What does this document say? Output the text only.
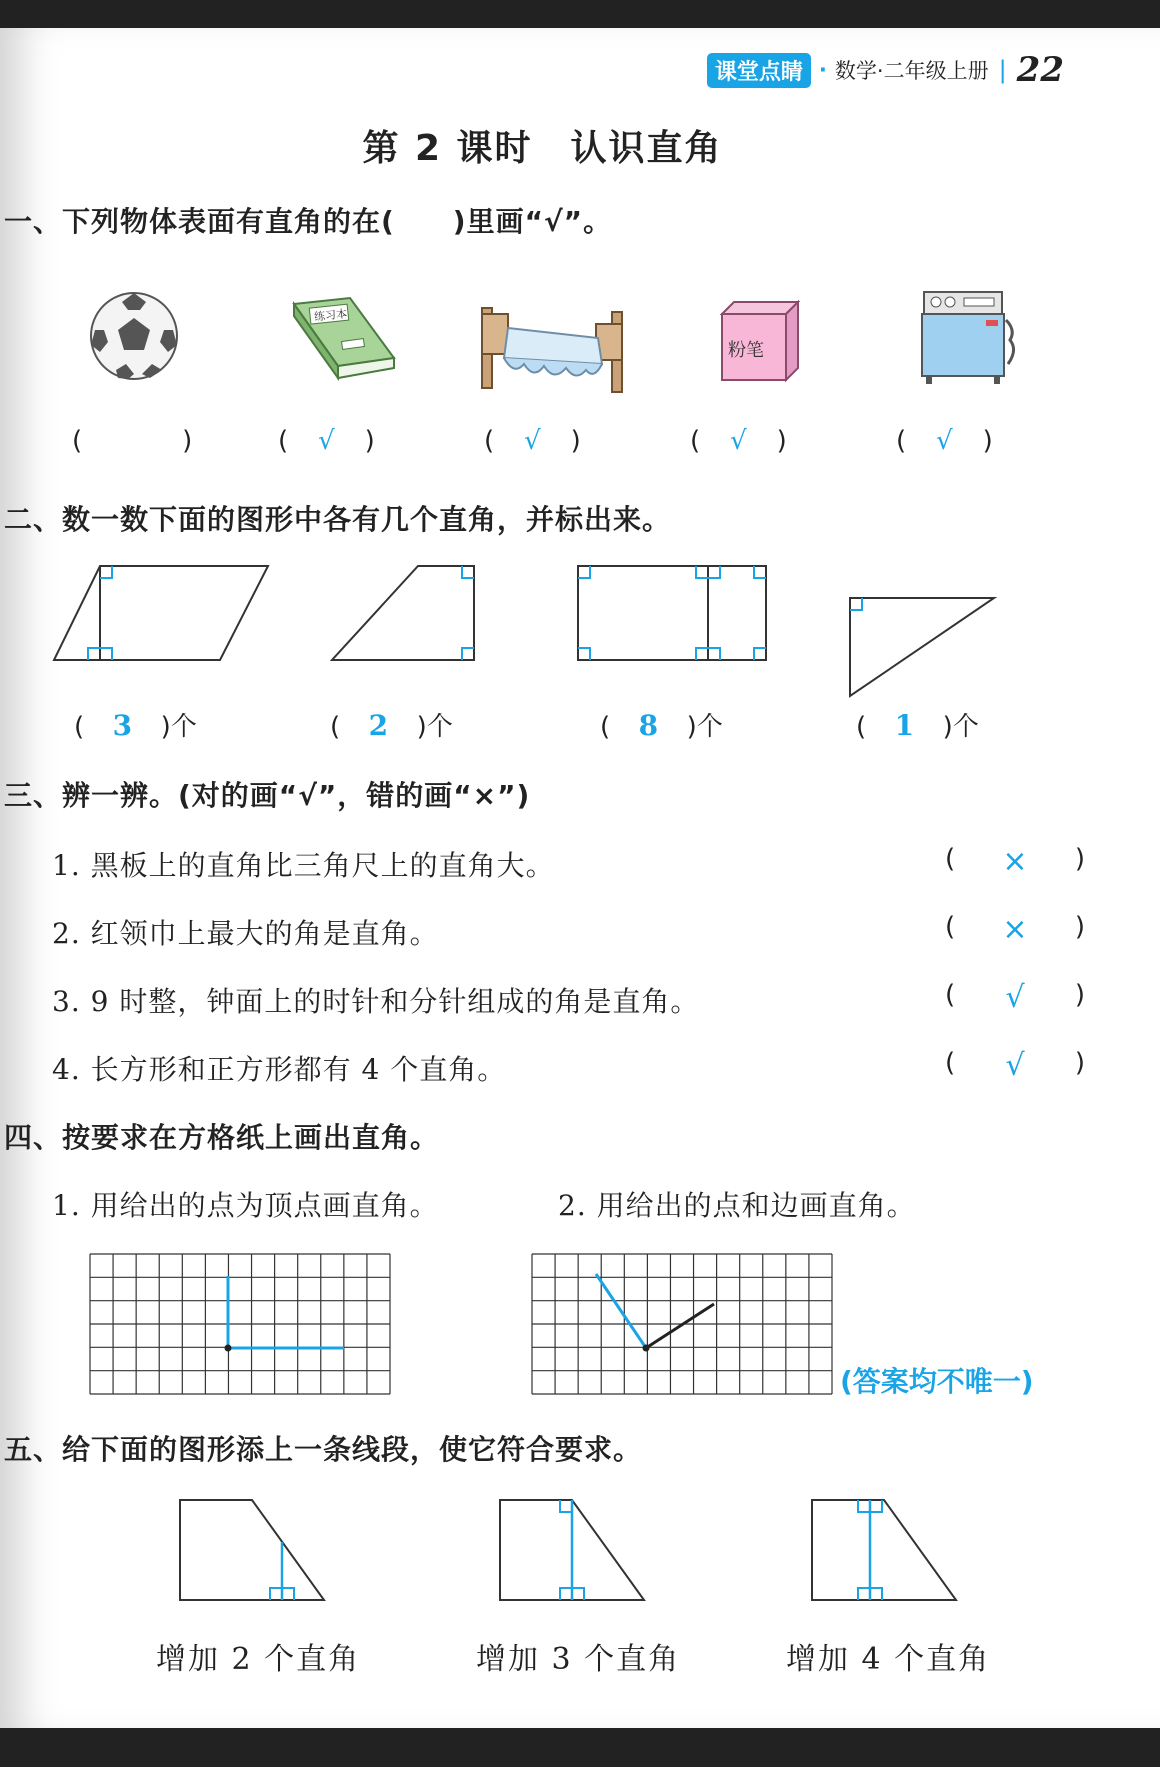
课堂点睛 · 数学·二年级上册 | 22
第 2 课时　认识直角
一、下列物体表面有直角的在(　　)里画“√”。
练习本
粉笔
(	)	( √ )	( √ )	( √ )	( √ )
二、数一数下面的图形中各有几个直角，并标出来。
( 3 )个	( 2 )个	( 8 )个	( 1 )个
三、辨一辨。(对的画“√”，错的画“×”)
1. 黑板上的直角比三角尺上的直角大。	( × )
2. 红领巾上最大的角是直角。	( × )
3. 9 时整，钟面上的时针和分针组成的角是直角。	( √ )
4. 长方形和正方形都有 4 个直角。	( √ )
四、按要求在方格纸上画出直角。
1. 用给出的点为顶点画直角。	2. 用给出的点和边画直角。
(答案均不唯一)
五、给下面的图形添上一条线段，使它符合要求。
增加 2 个直角	增加 3 个直角	增加 4 个直角
